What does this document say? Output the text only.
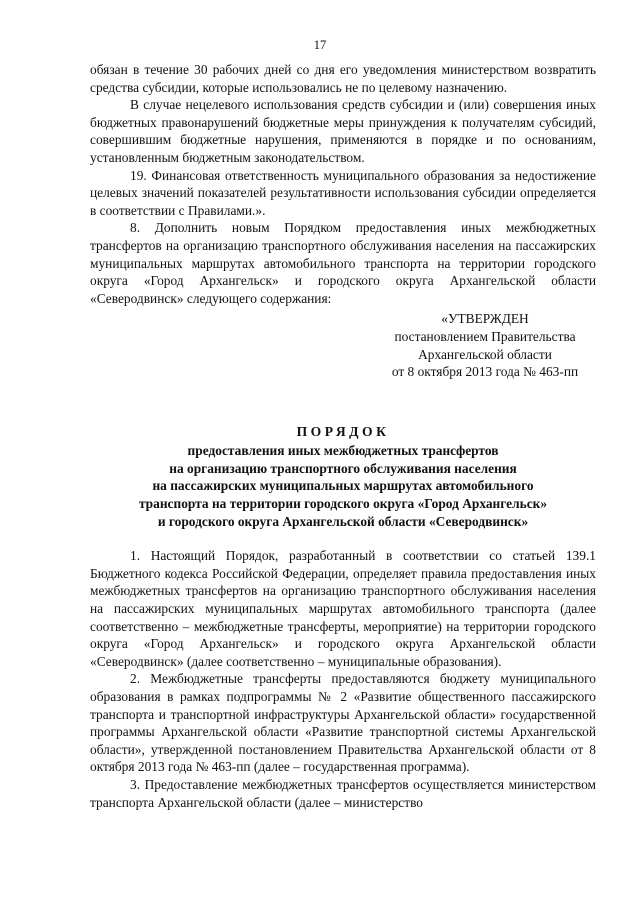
17

обязан в течение 30 рабочих дней со дня его уведомления министерством возвратить средства субсидии, которые использовались не по целевому назначению.

В случае нецелевого использования средств субсидии и (или) совершения иных бюджетных правонарушений бюджетные меры принуждения к получателям субсидий, совершившим бюджетные нарушения, применяются в порядке и по основаниям, установленным бюджетным законодательством.

19. Финансовая ответственность муниципального образования за недостижение целевых значений показателей результативности использования субсидии определяется в соответствии с Правилами.».

8. Дополнить новым Порядком предоставления иных межбюджетных трансфертов на организацию транспортного обслуживания населения на пассажирских муниципальных маршрутах автомобильного транспорта на территории городского округа «Город Архангельск» и городского округа Архангельской области «Северодвинск» следующего содержания:

«УТВЕРЖДЕН
постановлением Правительства
Архангельской области
от 8 октября 2013 года № 463-пп
ПОРЯДОК
предоставления иных межбюджетных трансфертов
на организацию транспортного обслуживания населения
на пассажирских муниципальных маршрутах автомобильного
транспорта на территории городского округа «Город Архангельск»
и городского округа Архангельской области «Северодвинск»

1. Настоящий Порядок, разработанный в соответствии со статьей 139.1 Бюджетного кодекса Российской Федерации, определяет правила предоставления иных межбюджетных трансфертов на организацию транспортного обслуживания населения на пассажирских муниципальных маршрутах автомобильного транспорта (далее соответственно – межбюджетные трансферты, мероприятие) на территории городского округа «Город Архангельск» и городского округа Архангельской области «Северодвинск» (далее соответственно – муниципальные образования).

2. Межбюджетные трансферты предоставляются бюджету муниципального образования в рамках подпрограммы № 2 «Развитие общественного пассажирского транспорта и транспортной инфраструктуры Архангельской области» государственной программы Архангельской области «Развитие транспортной системы Архангельской области», утвержденной постановлением Правительства Архангельской области от 8 октября 2013 года № 463-пп (далее – государственная программа).

3. Предоставление межбюджетных трансфертов осуществляется министерством транспорта Архангельской области (далее – министерство
